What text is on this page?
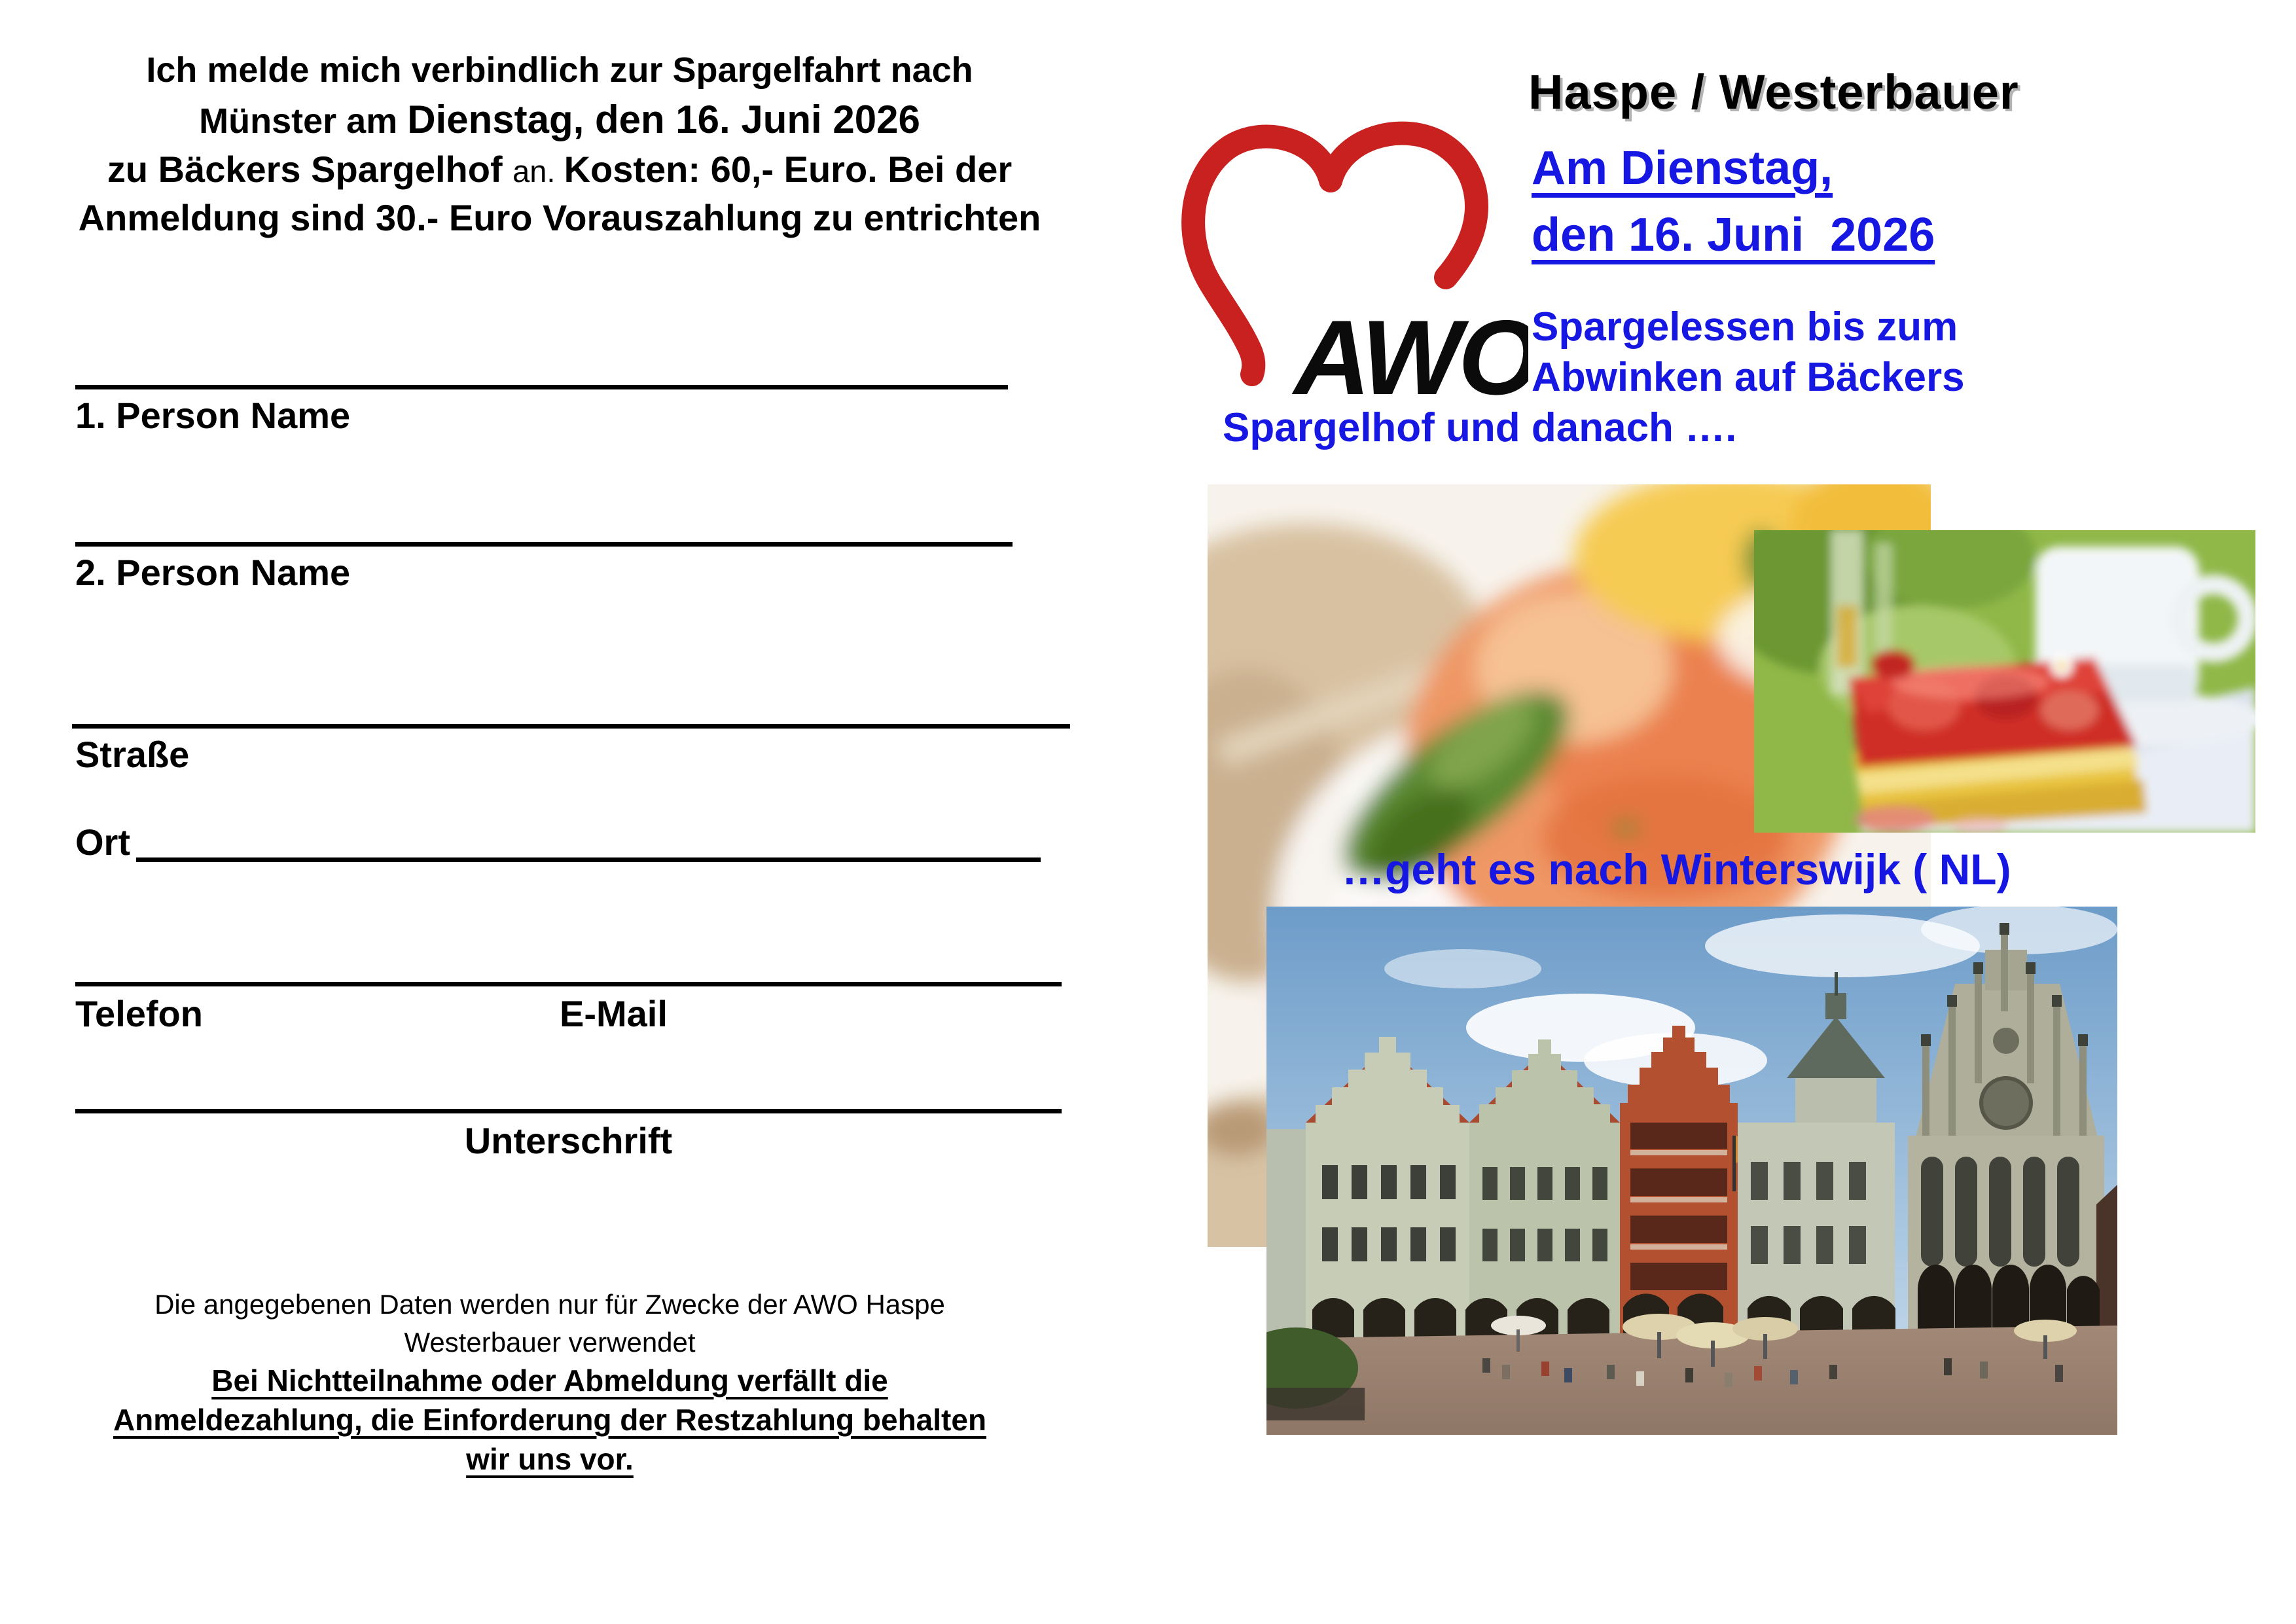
Ich melde mich verbindlich zur Spargelfahrt nach
Münster am Dienstag, den 16. Juni 2026
zu Bäckers Spargelhof an. Kosten: 60,- Euro. Bei der
Anmeldung sind 30.- Euro Vorauszahlung zu entrichten
1. Person Name
2. Person Name
Straße
Ort
Telefon	E-Mail
Unterschrift
Die angegebenen Daten werden nur für Zwecke der AWO Haspe
Westerbauer verwendet
Bei Nichtteilnahme oder Abmeldung verfällt die
Anmeldezahlung, die Einforderung der Restzahlung behalten
wir uns vor.
AWO
Haspe / Westerbauer
Am Dienstag,
den 16. Juni  2026
Spargelessen bis zum
Abwinken auf Bäckers
Spargelhof und danach ….
…geht es nach Winterswijk ( NL)
